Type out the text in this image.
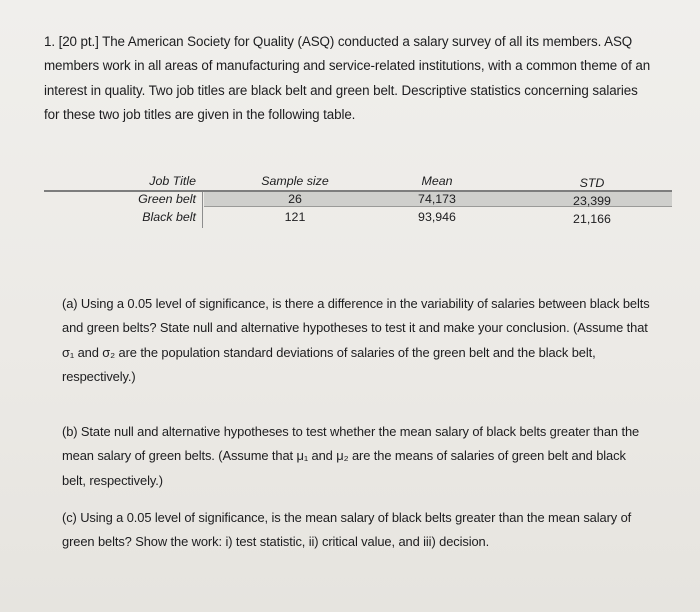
1. [20 pt.] The American Society for Quality (ASQ) conducted a salary survey of all its members. ASQ
members work in all areas of manufacturing and service-related institutions, with a common theme of an
interest in quality. Two job titles are black belt and green belt. Descriptive statistics concerning salaries
for these two job titles are given in the following table.
Job Title	Sample size	Mean	STD
Green belt	26	74,173	23,399
Black belt	121	93,946	21,166
(a) Using a 0.05 level of significance, is there a difference in the variability of salaries between black belts
and green belts? State null and alternative hypotheses to test it and make your conclusion. (Assume that
σ₁ and σ₂ are the population standard deviations of salaries of the green belt and the black belt,
respectively.)
(b) State null and alternative hypotheses to test whether the mean salary of black belts greater than the
mean salary of green belts. (Assume that μ₁ and μ₂ are the means of salaries of green belt and black
belt, respectively.)
(c) Using a 0.05 level of significance, is the mean salary of black belts greater than the mean salary of
green belts? Show the work: i) test statistic, ii) critical value, and iii) decision.
